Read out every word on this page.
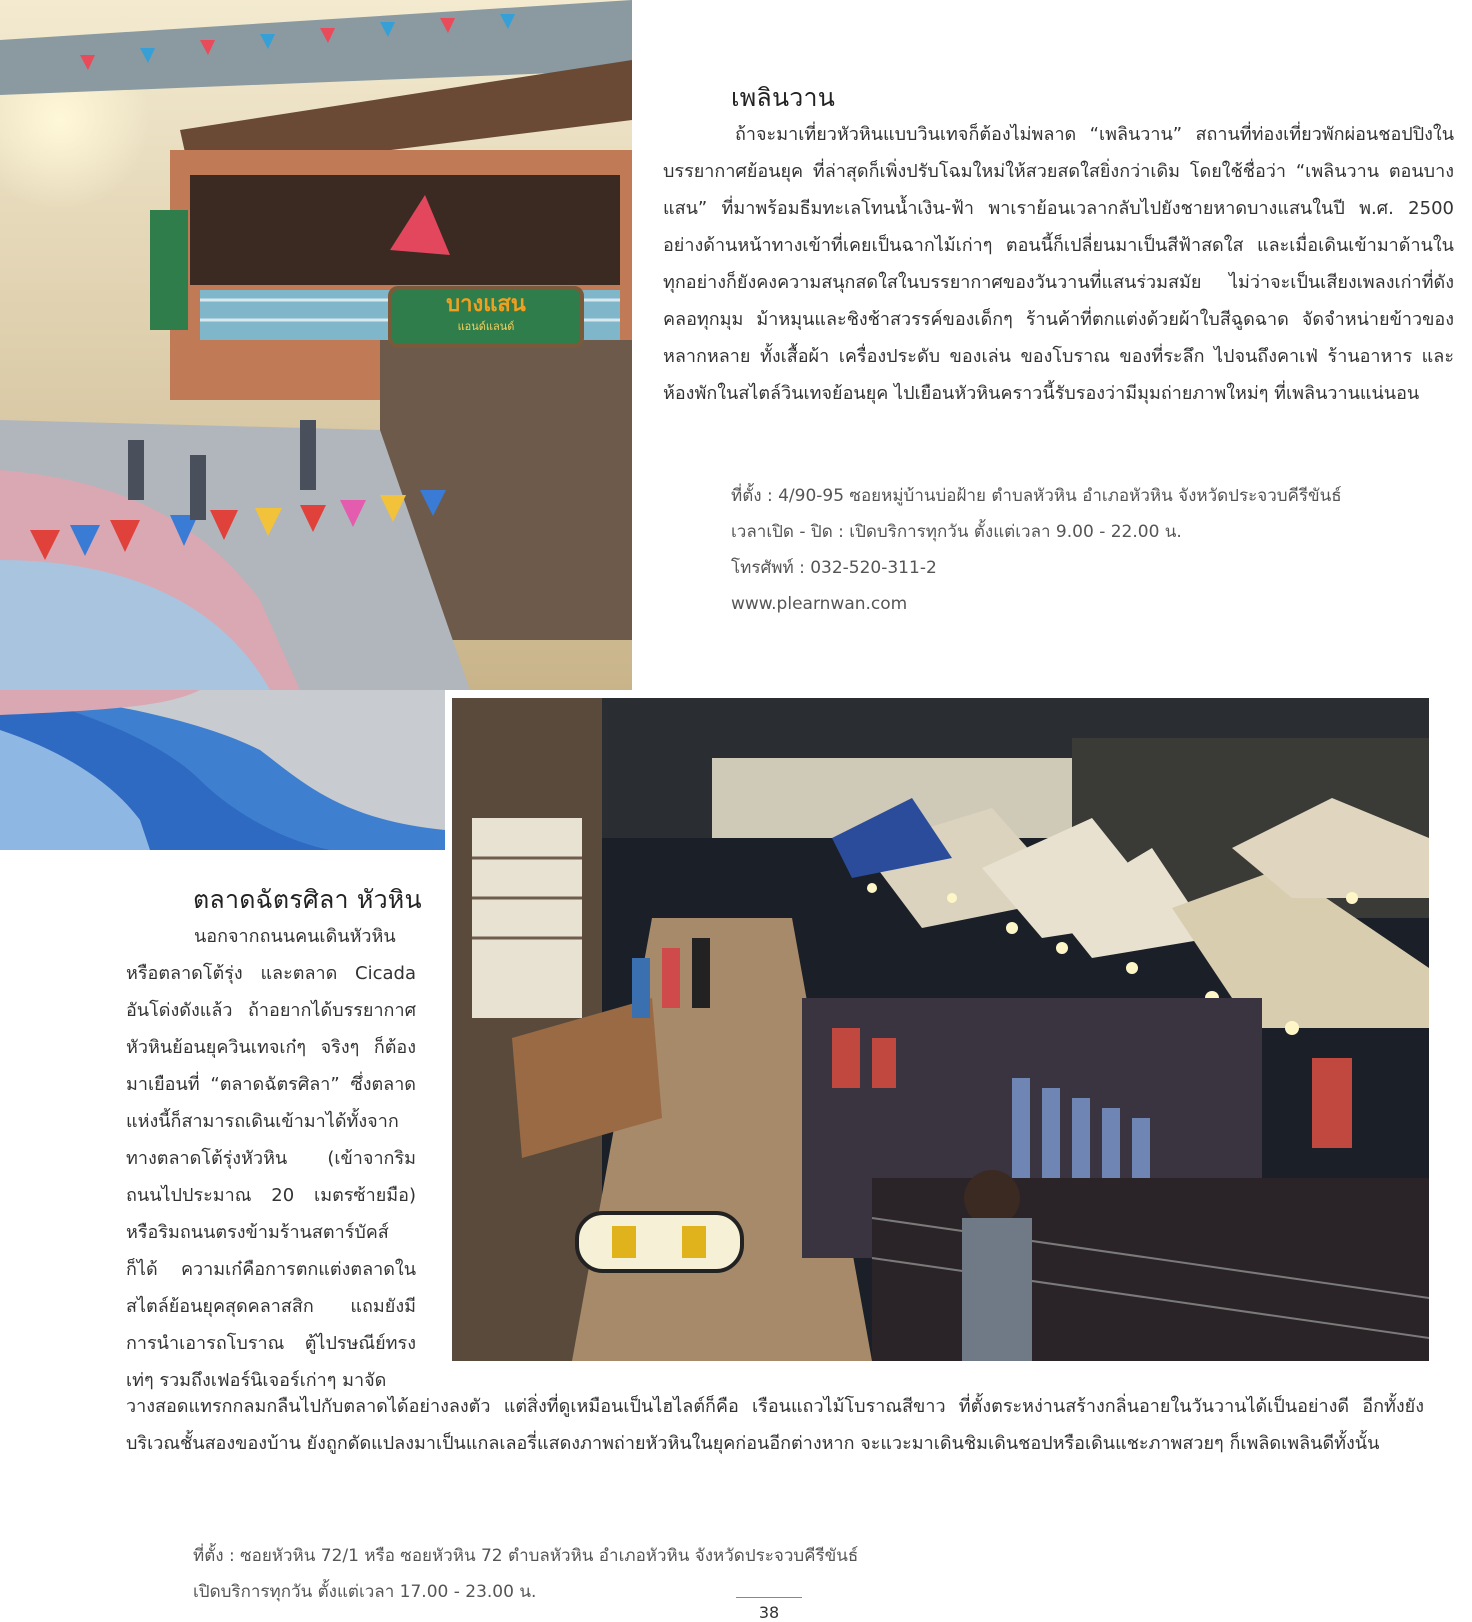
บางแสน
แอนด์แลนด์
เพลินวาน

ถ้าจะมาเที่ยวหัวหินแบบวินเทจก็ต้องไม่พลาด “เพลินวาน” สถานที่ท่องเที่ยวพักผ่อนชอปปิงในบรรยากาศย้อนยุค ที่ล่าสุดก็เพิ่งปรับโฉมใหม่ให้สวยสดใสยิ่งกว่าเดิม โดยใช้ชื่อว่า “เพลินวาน ตอนบางแสน” ที่มาพร้อมธีมทะเลโทนน้ำเงิน-ฟ้า พาเราย้อนเวลากลับไปยังชายหาดบางแสนในปี พ.ศ. 2500 อย่างด้านหน้าทางเข้าที่เคยเป็นฉากไม้เก่าๆ ตอนนี้ก็เปลี่ยนมาเป็นสีฟ้าสดใส และเมื่อเดินเข้ามาด้านในทุกอย่างก็ยังคงความสนุกสดใสในบรรยากาศของวันวานที่แสนร่วมสมัย ไม่ว่าจะเป็นเสียงเพลงเก่าที่ดังคลอทุกมุม ม้าหมุนและชิงช้าสวรรค์ของเด็กๆ ร้านค้าที่ตกแต่งด้วยผ้าใบสีฉูดฉาด จัดจำหน่ายข้าวของหลากหลาย ทั้งเสื้อผ้า เครื่องประดับ ของเล่น ของโบราณ ของที่ระลึก ไปจนถึงคาเฟ่ ร้านอาหาร และห้องพักในสไตล์วินเทจย้อนยุค ไปเยือนหัวหินคราวนี้รับรองว่ามีมุมถ่ายภาพใหม่ๆ ที่เพลินวานแน่นอน

ที่ตั้ง : 4/90-95 ซอยหมู่บ้านบ่อฝ้าย ตำบลหัวหิน อำเภอหัวหิน จังหวัดประจวบคีรีขันธ์
เวลาเปิด - ปิด : เปิดบริการทุกวัน ตั้งแต่เวลา 9.00 - 22.00 น.
โทรศัพท์ : 032-520-311-2
www.plearnwan.com
ตลาดฉัตรศิลา หัวหิน

นอกจากถนนคนเดินหัวหินหรือตลาดโต้รุ่ง และตลาด Cicada อันโด่งดังแล้ว ถ้าอยากได้บรรยากาศหัวหินย้อนยุควินเทจเก๋ๆ จริงๆ ก็ต้องมาเยือนที่ “ตลาดฉัตรศิลา” ซึ่งตลาดแห่งนี้ก็สามารถเดินเข้ามาได้ทั้งจากทางตลาดโต้รุ่งหัวหิน (เข้าจากริมถนนไปประมาณ 20 เมตรซ้ายมือ) หรือริมถนนตรงข้ามร้านสตาร์บัคส์ก็ได้ ความเก๋คือการตกแต่งตลาดในสไตล์ย้อนยุคสุดคลาสสิก แถมยังมีการนำเอารถโบราณ ตู้ไปรษณีย์ทรงเท่ๆ รวมถึงเฟอร์นิเจอร์เก่าๆ มาจัด

วางสอดแทรกกลมกลืนไปกับตลาดได้อย่างลงตัว แต่สิ่งที่ดูเหมือนเป็นไฮไลต์ก็คือ เรือนแถวไม้โบราณสีขาว ที่ตั้งตระหง่านสร้างกลิ่นอายในวันวานได้เป็นอย่างดี อีกทั้งยังบริเวณชั้นสองของบ้าน ยังถูกดัดแปลงมาเป็นแกลเลอรี่แสดงภาพถ่ายหัวหินในยุคก่อนอีกต่างหาก จะแวะมาเดินชิมเดินชอปหรือเดินแชะภาพสวยๆ ก็เพลิดเพลินดีทั้งนั้น

ที่ตั้ง : ซอยหัวหิน 72/1 หรือ ซอยหัวหิน 72 ตำบลหัวหิน อำเภอหัวหิน จังหวัดประจวบคีรีขันธ์
เปิดบริการทุกวัน ตั้งแต่เวลา 17.00 - 23.00 น.
38
